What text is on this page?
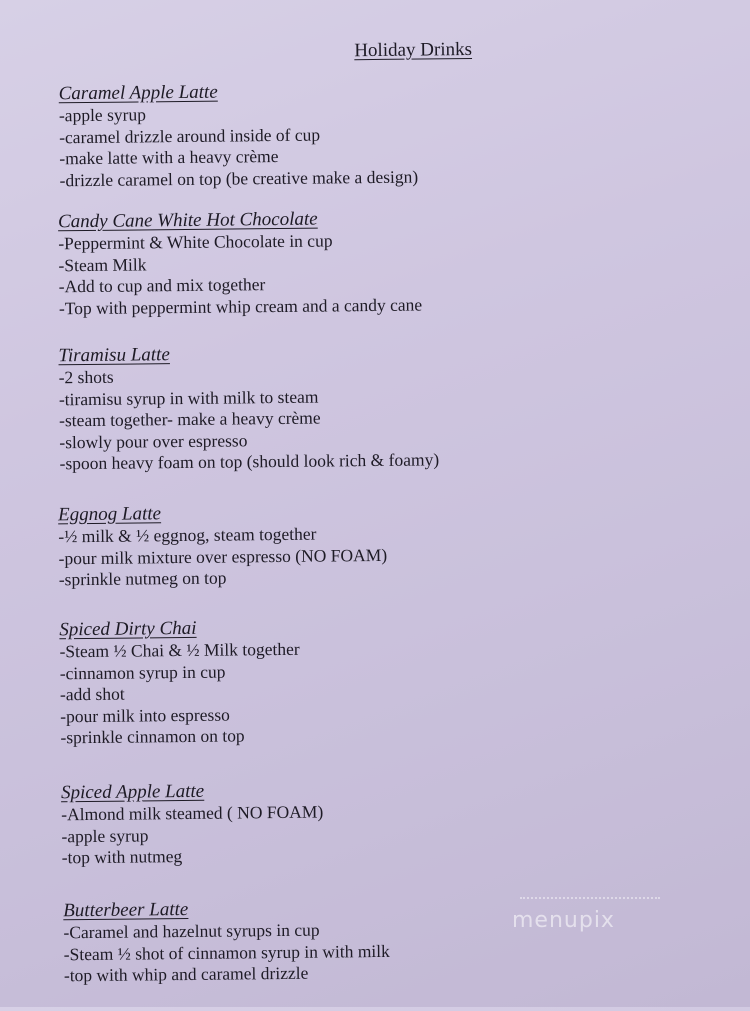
Holiday Drinks

Caramel Apple Latte

-apple syrup

-caramel drizzle around inside of cup

-make latte with a heavy crème

-drizzle caramel on top (be creative make a design)

Candy Cane White Hot Chocolate

-Peppermint & White Chocolate in cup

-Steam Milk

-Add to cup and mix together

-Top with peppermint whip cream and a candy cane

Tiramisu Latte

-2 shots

-tiramisu syrup in with milk to steam

-steam together- make a heavy crème

-slowly pour over espresso

-spoon heavy foam on top (should look rich & foamy)

Eggnog Latte

-½ milk & ½ eggnog, steam together

-pour milk mixture over espresso (NO FOAM)

-sprinkle nutmeg on top

Spiced Dirty Chai

-Steam ½ Chai & ½ Milk together

-cinnamon syrup in cup

-add shot

-pour milk into espresso

-sprinkle cinnamon on top

Spiced Apple Latte

-Almond milk steamed ( NO FOAM)

-apple syrup

-top with nutmeg

Butterbeer Latte

-Caramel and hazelnut syrups in cup

-Steam ½ shot of cinnamon syrup in with milk

-top with whip and caramel drizzle

menupix
